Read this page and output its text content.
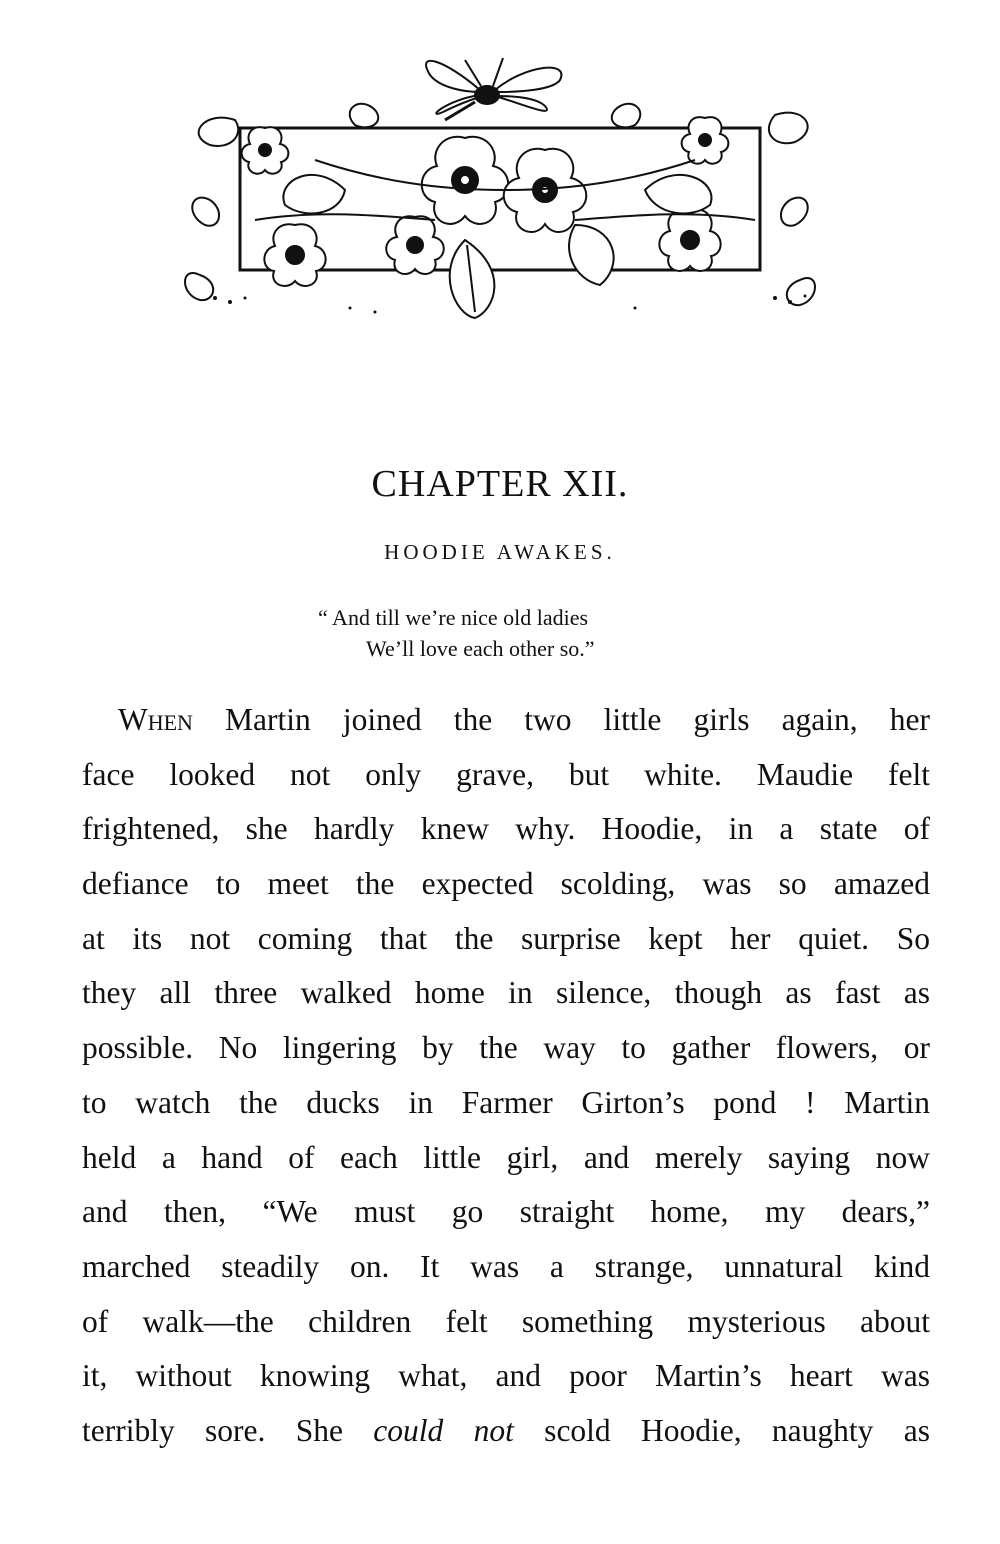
CHAPTER XII.
HOODIE AWAKES.
“ And till we’re nice old ladies
We’ll love each other so.”
When Martin joined the two little girls again, her
face looked not only grave, but white. Maudie felt
frightened, she hardly knew why. Hoodie, in a state of
defiance to meet the expected scolding, was so amazed
at its not coming that the surprise kept her quiet. So
they all three walked home in silence, though as fast as
possible. No lingering by the way to gather flowers, or
to watch the ducks in Farmer Girton’s pond ! Martin
held a hand of each little girl, and merely saying now
and then, “We must go straight home, my dears,”
marched steadily on. It was a strange, unnatural kind
of walk—the children felt something mysterious about
it, without knowing what, and poor Martin’s heart was
terribly sore. She could not scold Hoodie, naughty as
